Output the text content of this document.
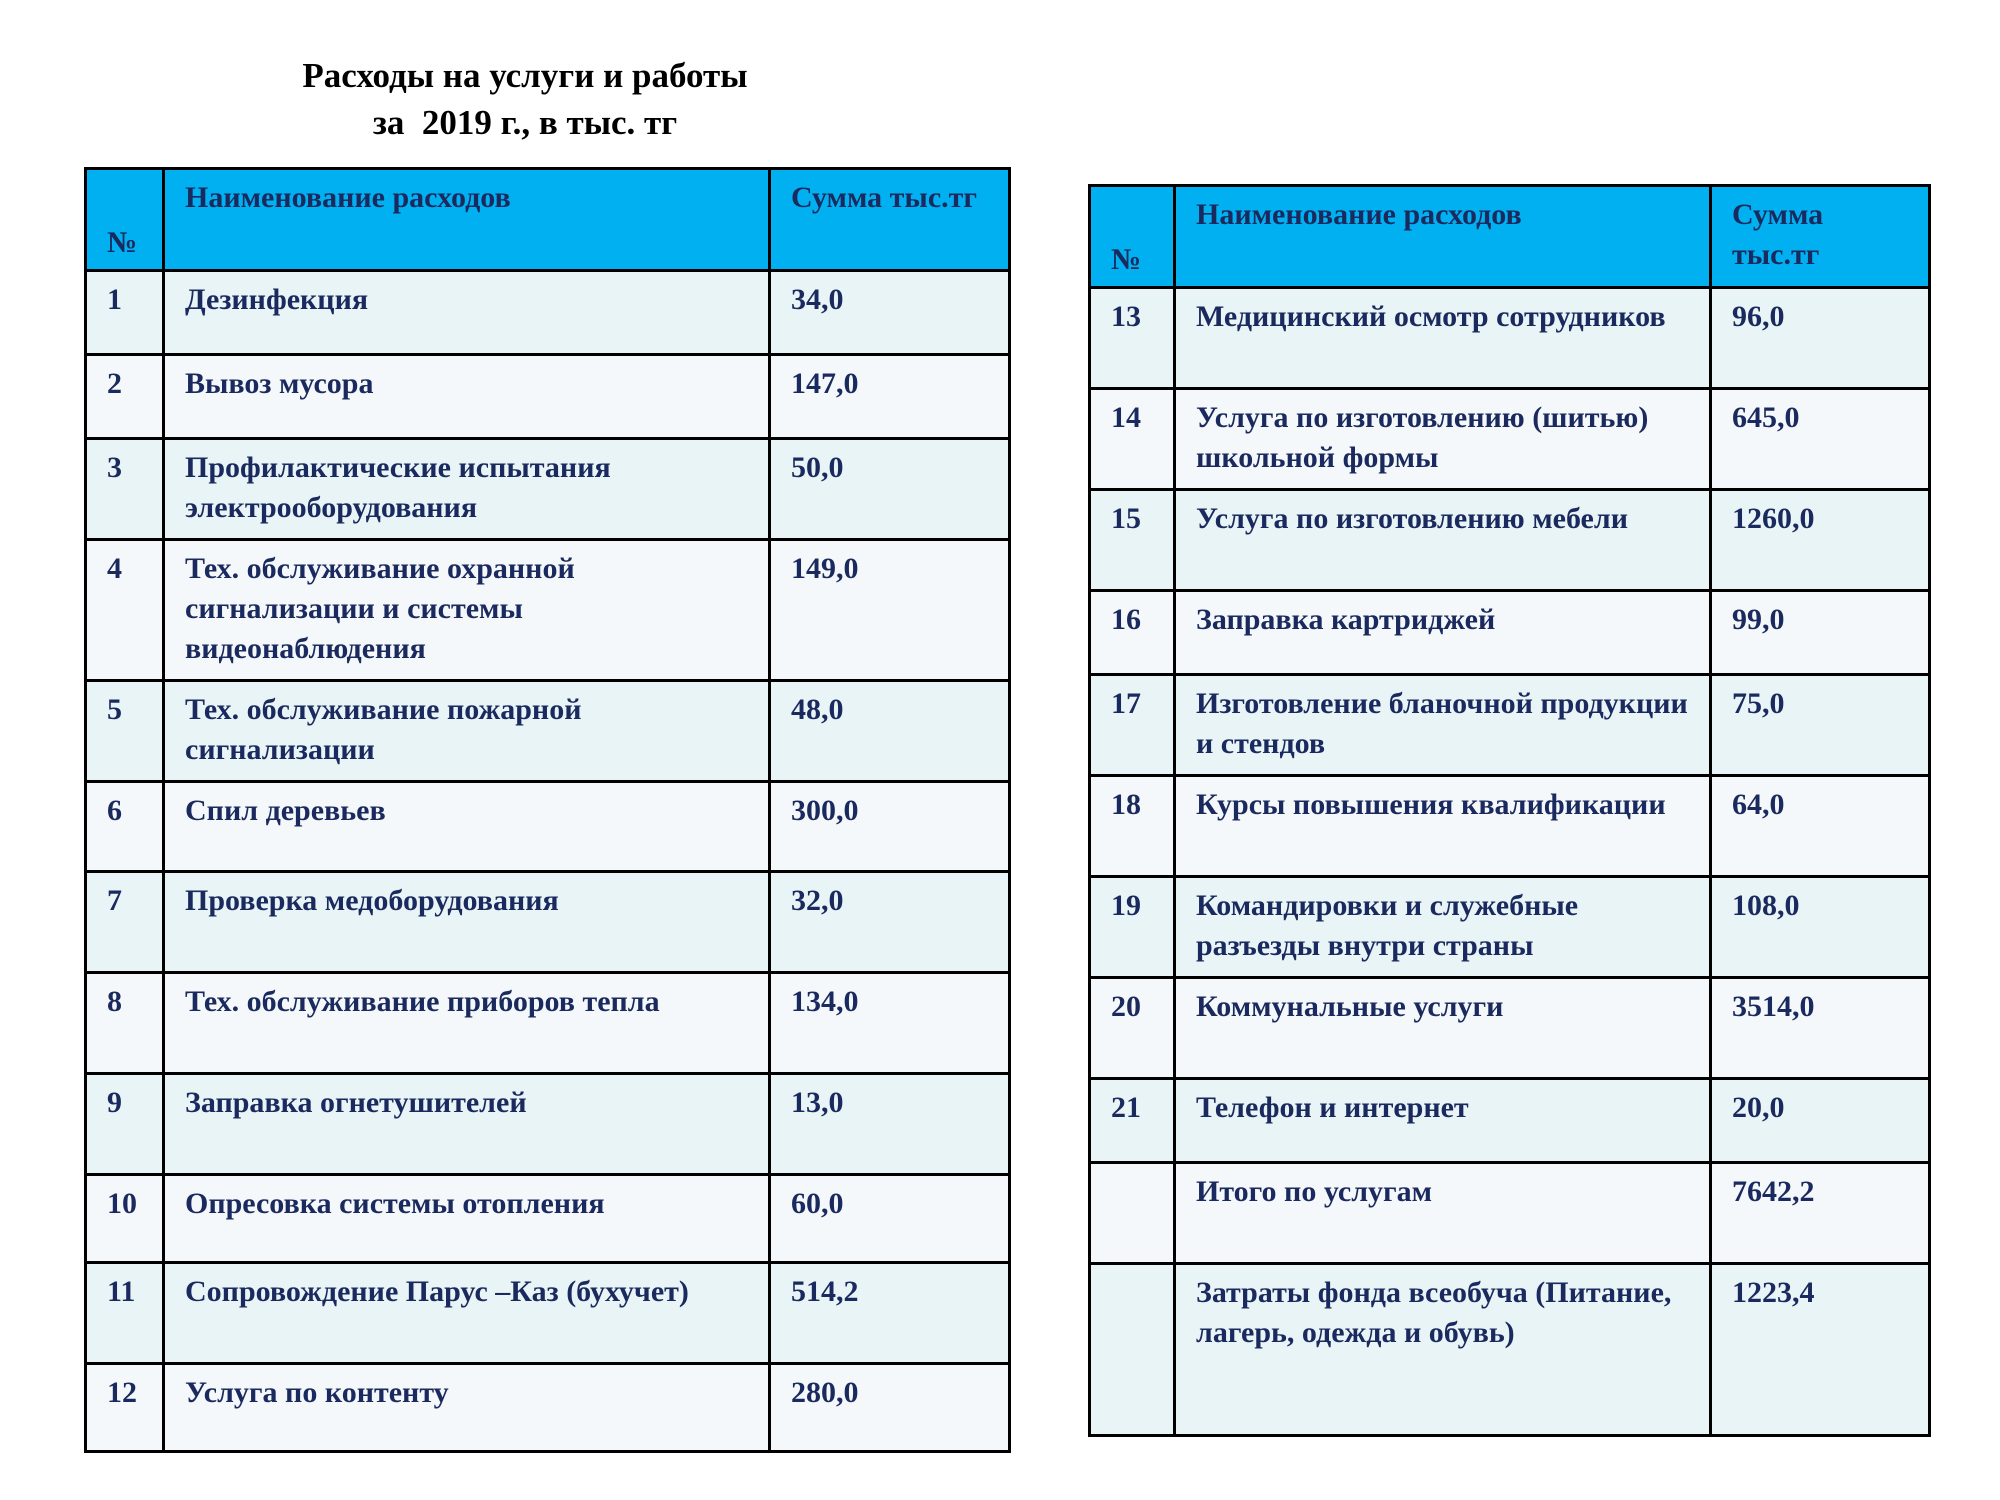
Расходы на услуги и работы
за  2019 г., в тыс. тг
№	Наименование расходов	Сумма тыс.тг
1	Дезинфекция	34,0
2	Вывоз мусора	147,0
3	Профилактические испытания электрооборудования	50,0
4	Тех. обслуживание охранной сигнализации и системы видеонаблюдения	149,0
5	Тех. обслуживание пожарной сигнализации	48,0
6	Спил деревьев	300,0
7	Проверка медоборудования	32,0
8	Тех. обслуживание приборов тепла	134,0
9	Заправка огнетушителей	13,0
10	Опресовка системы отопления	60,0
11	Сопровождение Парус –Каз (бухучет)	514,2
12	Услуга по контенту	280,0
№	Наименование расходов	Сумма тыс.тг
13	Медицинский осмотр сотрудников	96,0
14	Услуга по изготовлению (шитью) школьной формы	645,0
15	Услуга по изготовлению мебели	1260,0
16	Заправка картриджей	99,0
17	Изготовление бланочной продукции и стендов	75,0
18	Курсы повышения квалификации	64,0
19	Командировки и служебные разъезды внутри страны	108,0
20	Коммунальные услуги	3514,0
21	Телефон и интернет	20,0
	Итого по услугам	7642,2
	Затраты фонда всеобуча (Питание, лагерь, одежда и обувь)	1223,4
